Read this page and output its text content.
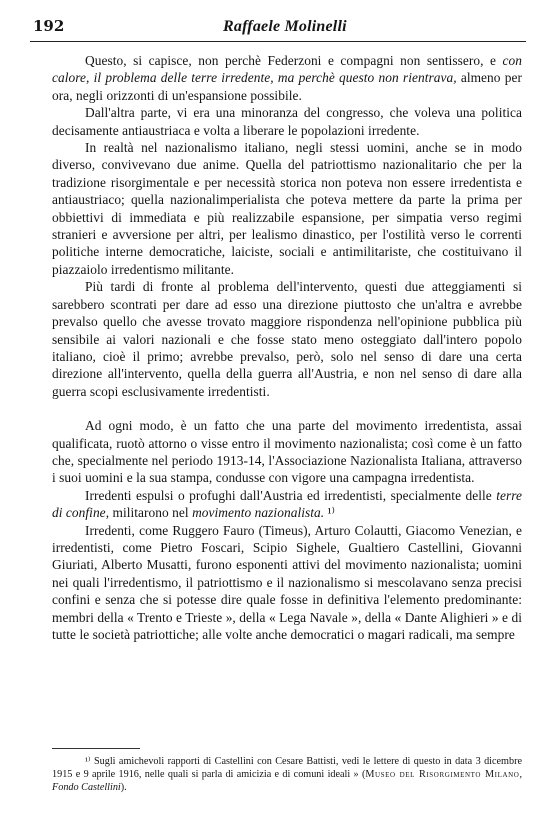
192	Raffaele Molinelli

Questo, si capisce, non perchè Federzoni e compagni non sentissero, e con calore, il problema delle terre irredente, ma perchè questo non rientrava, almeno per ora, negli orizzonti di un'espansione possibile.

Dall'altra parte, vi era una minoranza del congresso, che voleva una politica decisamente antiaustriaca e volta a liberare le popolazioni irredente.

In realtà nel nazionalismo italiano, negli stessi uomini, anche se in modo diverso, convivevano due anime. Quella del patriottismo nazionalitario che per la tradizione risorgimentale e per necessità storica non poteva non essere irredentista e antiaustriaco; quella nazionalimperialista che poteva mettere da parte la prima per obbiettivi di immediata e più realizzabile espansione, per simpatia verso regimi stranieri e avversione per altri, per lealismo dinastico, per l'ostilità verso le correnti politiche interne democratiche, laiciste, sociali e antimilitariste, che costituivano il piazzaiolo irredentismo militante.

Più tardi di fronte al problema dell'intervento, questi due atteggiamenti si sarebbero scontrati per dare ad esso una direzione piuttosto che un'altra e avrebbe prevalso quello che avesse trovato maggiore rispondenza nell'opinione pubblica più sensibile ai valori nazionali e che fosse stato meno osteggiato dall'intero popolo italiano, cioè il primo; avrebbe prevalso, però, solo nel senso di dare una certa direzione all'intervento, quella della guerra all'Austria, e non nel senso di dare alla guerra scopi esclusivamente irredentisti.

Ad ogni modo, è un fatto che una parte del movimento irredentista, assai qualificata, ruotò attorno o visse entro il movimento nazionalista; così come è un fatto che, specialmente nel periodo 1913-14, l'Associazione Nazionalista Italiana, attraverso i suoi uomini e la sua stampa, condusse con vigore una campagna irredentista.

Irredenti espulsi o profughi dall'Austria ed irredentisti, specialmente delle terre di confine, militarono nel movimento nazionalista. ¹⁾

Irredenti, come Ruggero Fauro (Timeus), Arturo Colautti, Giacomo Venezian, e irredentisti, come Pietro Foscari, Scipio Sighele, Gualtiero Castellini, Giovanni Giuriati, Alberto Musatti, furono esponenti attivi del movimento nazionalista; uomini nei quali l'irredentismo, il patriottismo e il nazionalismo si mescolavano senza precisi confini e senza che si potesse dire quale fosse in definitiva l'elemento predominante: membri della « Trento e Trieste », della « Lega Navale », della « Dante Alighieri » e di tutte le società patriottiche; alle volte anche democratici o magari radicali, ma sempre

¹⁾ Sugli amichevoli rapporti di Castellini con Cesare Battisti, vedi le lettere di questo in data 3 dicembre 1915 e 9 aprile 1916, nelle quali si parla di amicizia e di comuni ideali » (Museo del Risorgimento Milano, Fondo Castellini).
